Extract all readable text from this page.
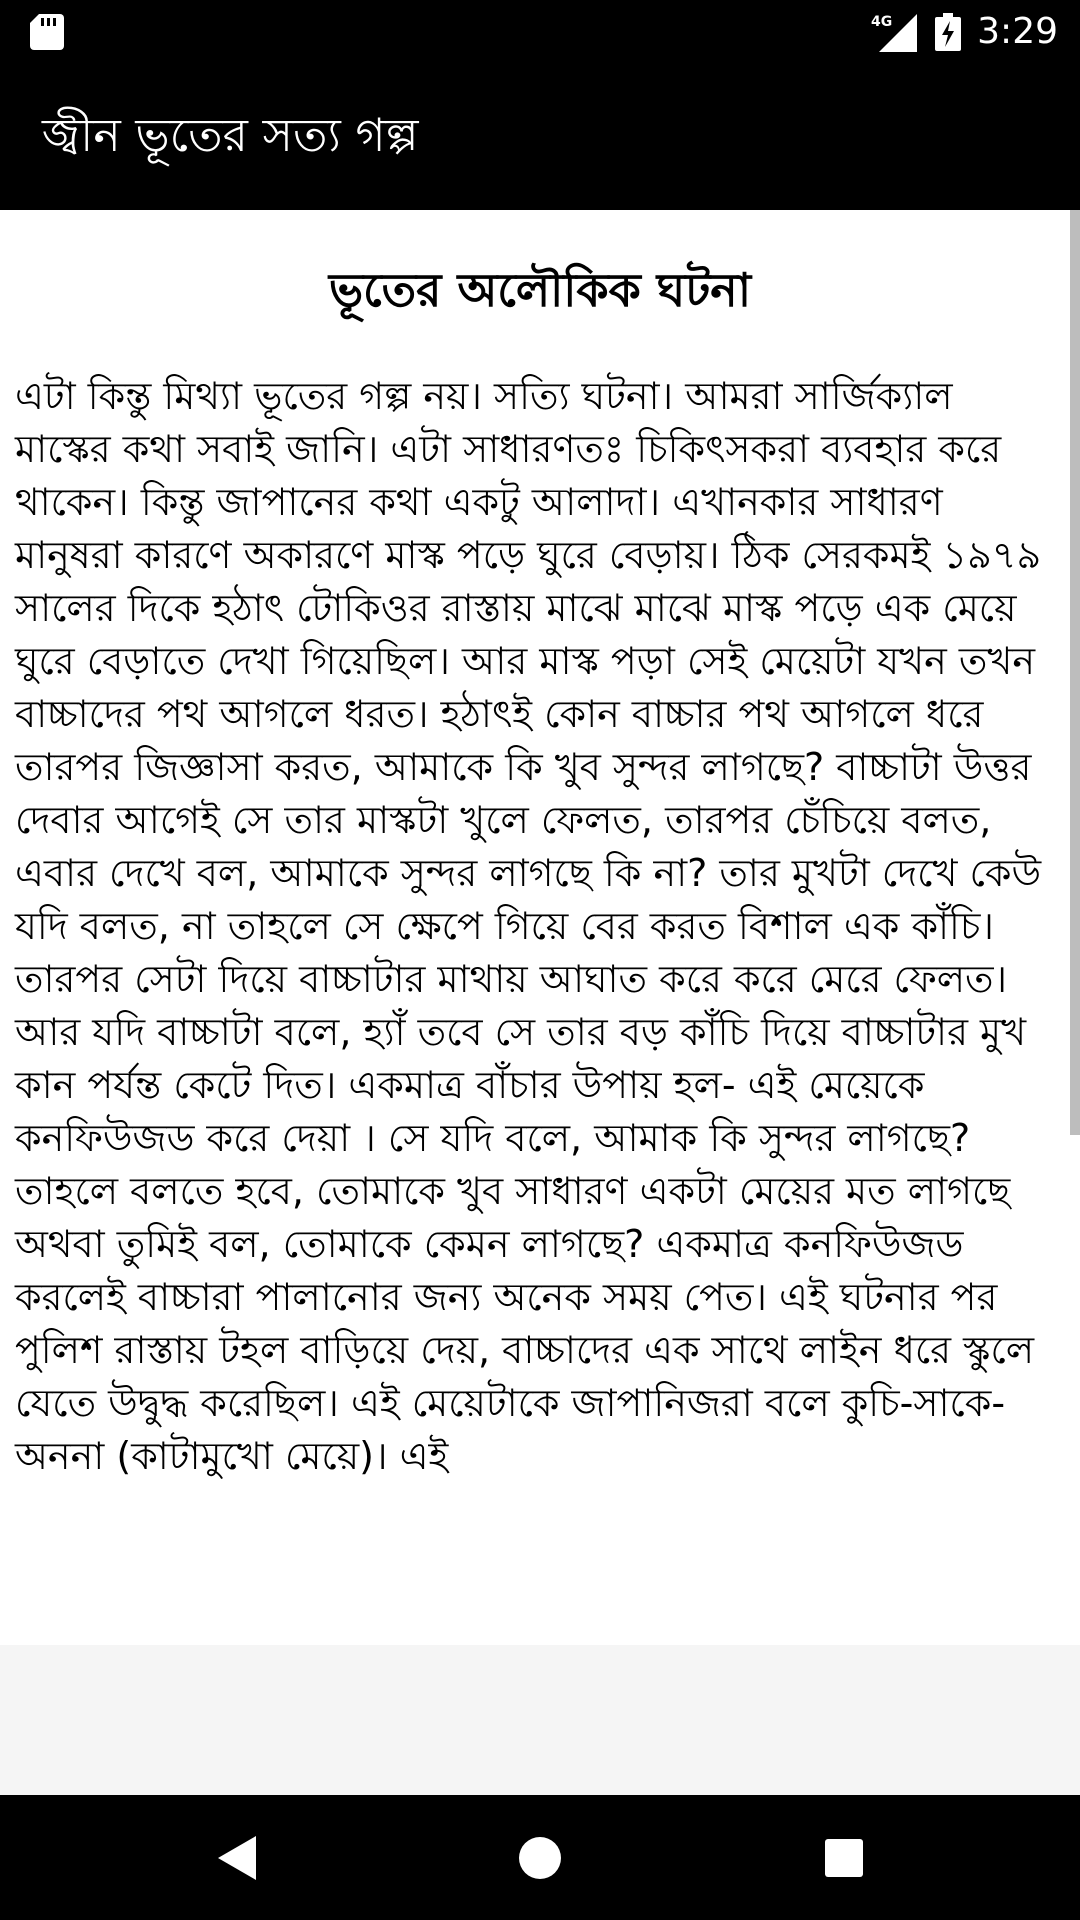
4G 3:29
জ্বীন ভূতের সত্য গল্প
ভূতের অলৌকিক ঘটনা

এটা কিন্তু মিথ্যা ভূতের গল্প নয়। সত্যি ঘটনা। আমরা সার্জিক্যাল মাস্কের কথা সবাই জানি। এটা সাধারণতঃ চিকিৎসকরা ব্যবহার করে থাকেন। কিন্তু জাপানের কথা একটু আলাদা। এখানকার সাধারণ মানুষরা কারণে অকারণে মাস্ক পড়ে ঘুরে বেড়ায়। ঠিক সেরকমই ১৯৭৯ সালের দিকে হঠাৎ টোকিওর রাস্তায় মাঝে মাঝে মাস্ক পড়ে এক মেয়ে ঘুরে বেড়াতে দেখা গিয়েছিল। আর মাস্ক পড়া সেই মেয়েটা যখন তখন বাচ্চাদের পথ আগলে ধরত। হঠাৎই কোন বাচ্চার পথ আগলে ধরে তারপর জিজ্ঞাসা করত, আমাকে কি খুব সুন্দর লাগছে? বাচ্চাটা উত্তর দেবার আগেই সে তার মাস্কটা খুলে ফেলত, তারপর চেঁচিয়ে বলত, এবার দেখে বল, আমাকে সুন্দর লাগছে কি না? তার মুখটা দেখে কেউ যদি বলত, না তাহলে সে ক্ষেপে গিয়ে বের করত বিশাল এক কাঁচি। তারপর সেটা দিয়ে বাচ্চাটার মাথায় আঘাত করে করে মেরে ফেলত। আর যদি বাচ্চাটা বলে, হ্যাঁ তবে সে তার বড় কাঁচি দিয়ে বাচ্চাটার মুখ কান পর্যন্ত কেটে দিত। একমাত্র বাঁচার উপায় হল- এই মেয়েকে কনফিউজড করে দেয়া । সে যদি বলে, আমাক কি সুন্দর লাগছে? তাহলে বলতে হবে, তোমাকে খুব সাধারণ একটা মেয়ের মত লাগছে অথবা তুমিই বল, তোমাকে কেমন লাগছে? একমাত্র কনফিউজড করলেই বাচ্চারা পালানোর জন্য অনেক সময় পেত। এই ঘটনার পর পুলিশ রাস্তায় টহল বাড়িয়ে দেয়, বাচ্চাদের এক সাথে লাইন ধরে স্কুলে যেতে উদ্বুদ্ধ করেছিল। এই মেয়েটাকে জাপানিজরা বলে কুচি-সাকে- অননা (কাটামুখো মেয়ে)। এই
